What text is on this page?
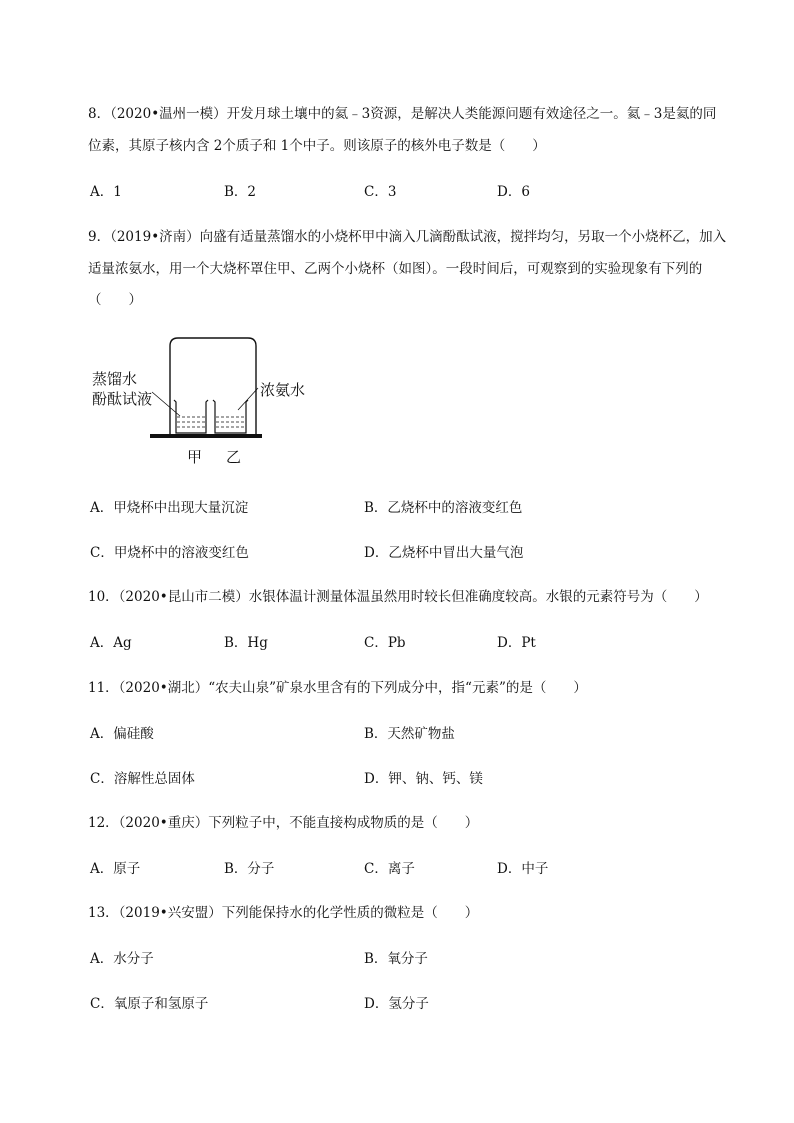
8．（2020•温州一模）开发月球土壤中的氦﹣3资源，是解决人类能源问题有效途径之一。氦﹣3是氦的同
位素，其原子核内含 2个质子和 1个中子。则该原子的核外电子数是（　　）
A．1	B．2	C．3	D．6
9．（2019•济南）向盛有适量蒸馏水的小烧杯甲中滴入几滴酚酞试液，搅拌均匀，另取一个小烧杯乙，加入
适量浓氨水，用一个大烧杯罩住甲、乙两个小烧杯（如图）。一段时间后，可观察到的实验现象有下列的
（　　）
蒸馏水
酚酞试液	浓氨水
甲 乙
A．甲烧杯中出现大量沉淀	B．乙烧杯中的溶液变红色
C．甲烧杯中的溶液变红色	D．乙烧杯中冒出大量气泡
10．（2020•昆山市二模）水银体温计测量体温虽然用时较长但准确度较高。水银的元素符号为（　　）
A．Ag	B．Hg	C．Pb	D．Pt
11．（2020•湖北）“农夫山泉”矿泉水里含有的下列成分中，指“元素”的是（　　）
A．偏硅酸	B．天然矿物盐
C．溶解性总固体	D．钾、钠、钙、镁
12．（2020•重庆）下列粒子中，不能直接构成物质的是（　　）
A．原子	B．分子	C．离子	D．中子
13．（2019•兴安盟）下列能保持水的化学性质的微粒是（　　）
A．水分子	B．氧分子
C．氧原子和氢原子	D．氢分子
